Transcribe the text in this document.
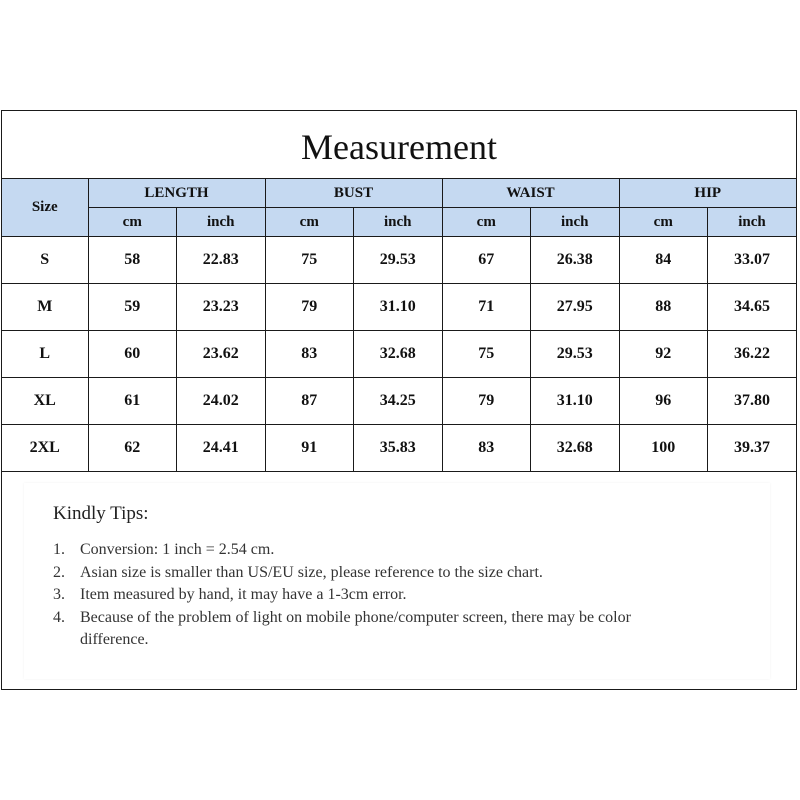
Measurement
Size	LENGTH		BUST		WAIST		HIP	
	cm	inch	cm	inch	cm	inch	cm	inch
S	58	22.83	75	29.53	67	26.38	84	33.07
M	59	23.23	79	31.10	71	27.95	88	34.65
L	60	23.62	83	32.68	75	29.53	92	36.22
XL	61	24.02	87	34.25	79	31.10	96	37.80
2XL	62	24.41	91	35.83	83	32.68	100	39.37
Kindly Tips:
1. Conversion: 1 inch = 2.54 cm.
2. Asian size is smaller than US/EU size, please reference to the size chart.
3. Item measured by hand, it may have a 1-3cm error.
4. Because of the problem of light on mobile phone/computer screen, there may be color difference.
